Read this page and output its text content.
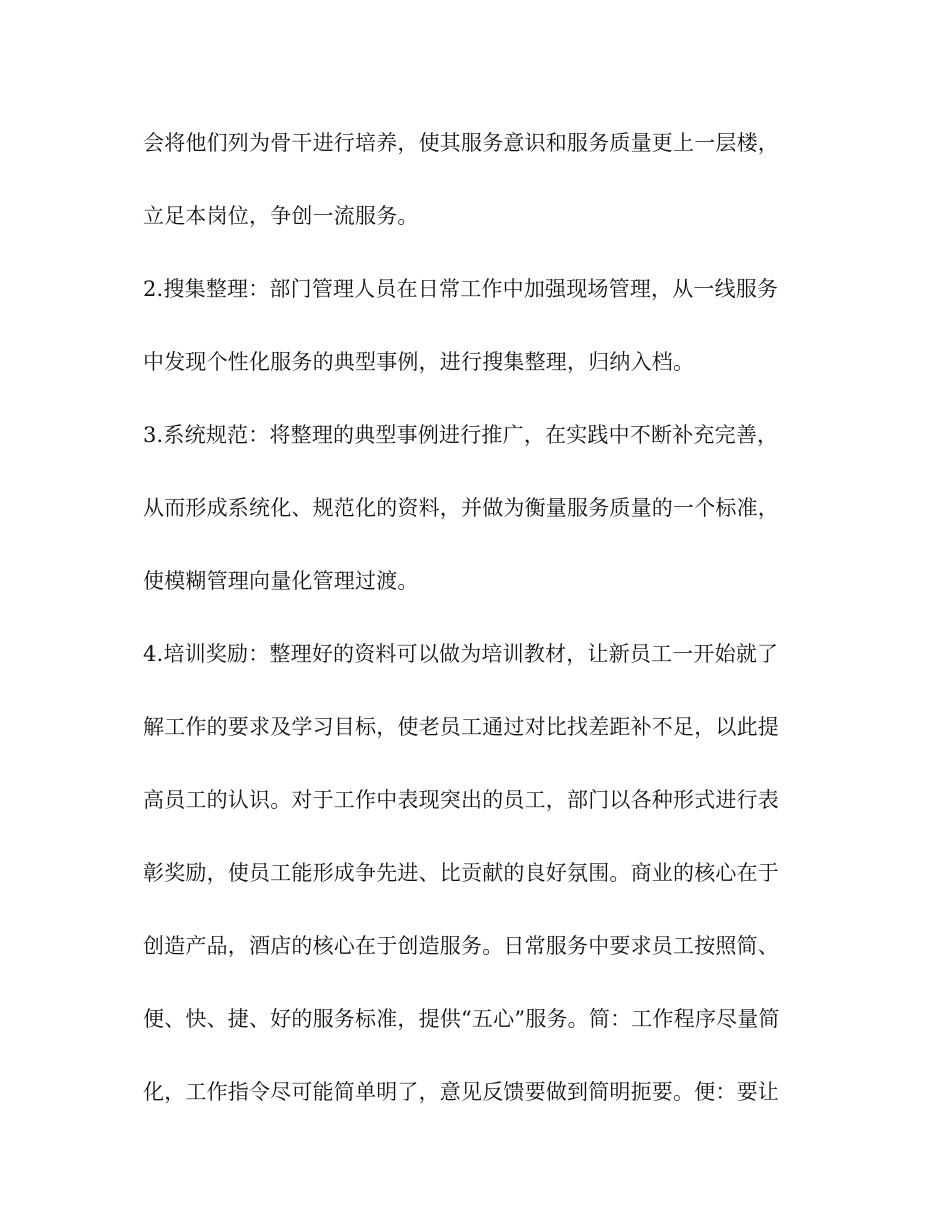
会将他们列为骨干进行培养，使其服务意识和服务质量更上一层楼，

立足本岗位，争创一流服务。

2.搜集整理：部门管理人员在日常工作中加强现场管理，从一线服务

中发现个性化服务的典型事例，进行搜集整理，归纳入档。

3.系统规范：将整理的典型事例进行推广，在实践中不断补充完善，

从而形成系统化、规范化的资料，并做为衡量服务质量的一个标准，

使模糊管理向量化管理过渡。

4.培训奖励：整理好的资料可以做为培训教材，让新员工一开始就了

解工作的要求及学习目标，使老员工通过对比找差距补不足，以此提

高员工的认识。对于工作中表现突出的员工，部门以各种形式进行表

彰奖励，使员工能形成争先进、比贡献的良好氛围。商业的核心在于

创造产品，酒店的核心在于创造服务。日常服务中要求员工按照简、

便、快、捷、好的服务标准，提供“五心”服务。简：工作程序尽量简

化，工作指令尽可能简单明了，意见反馈要做到简明扼要。便：要让
